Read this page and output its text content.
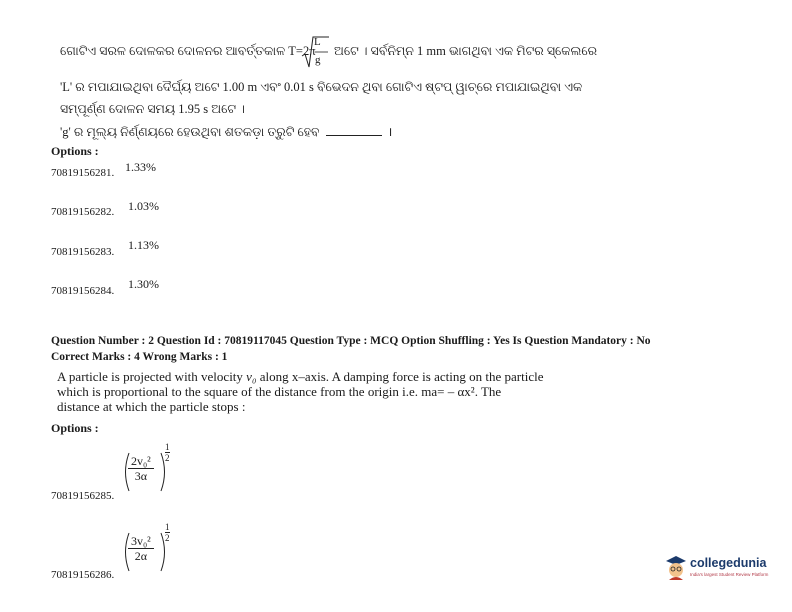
ଗୋଟିଏ ସରଳ ଦୋଳକର ଦୋଳନର ଆବର୍ତ୍ତକାଳ T=2π
L
g
ଅଟେ । ସର୍ବନିମ୍ନ 1 mm ଭାଗଥିବା ଏକ ମିଟର ସ୍କେଲରେ
'L' ର ମପାଯାଇଥିବା ଦୈର୍ଘ୍ୟ ଅଟେ 1.00 m ଏବଂ 0.01 s ବିଭେଦନ ଥିବା ଗୋଟିଏ ଷ୍ଟପ୍ ୱାଚ୍‌ରେ ମପାଯାଇଥିବା ଏକ
ସମ୍ପୂର୍ଣ୍ଣ ଦୋଳନ ସମୟ 1.95 s ଅଟେ ।
'g' ର ମୂଲ୍ୟ ନିର୍ଣ୍ଣୟରେ ହେଉଥିବା ଶତକଡ଼ା ତ୍ରୁଟି ହେବ	।
Options :
70819156281. 1.33%
70819156282. 1.03%
70819156283. 1.13%
70819156284. 1.30%
Question Number : 2 Question Id : 70819117045 Question Type : MCQ Option Shuffling : Yes Is Question Mandatory : No
Correct Marks : 4 Wrong Marks : 1
A particle is projected with velocity v₀ along x–axis. A damping force is acting on the particle
which is proportional to the square of the distance from the origin i.e. ma= – αx². The
distance at which the particle stops :
Options :
$\frac{\text{2v₀²}}{3\alpha}$
$\frac{1}{2}$
70819156285.
$\frac{\text{3v₀²}}{2\alpha}$
$\frac{1}{2}$
70819156286.
collegedunia
India's largest Student Review Platform
